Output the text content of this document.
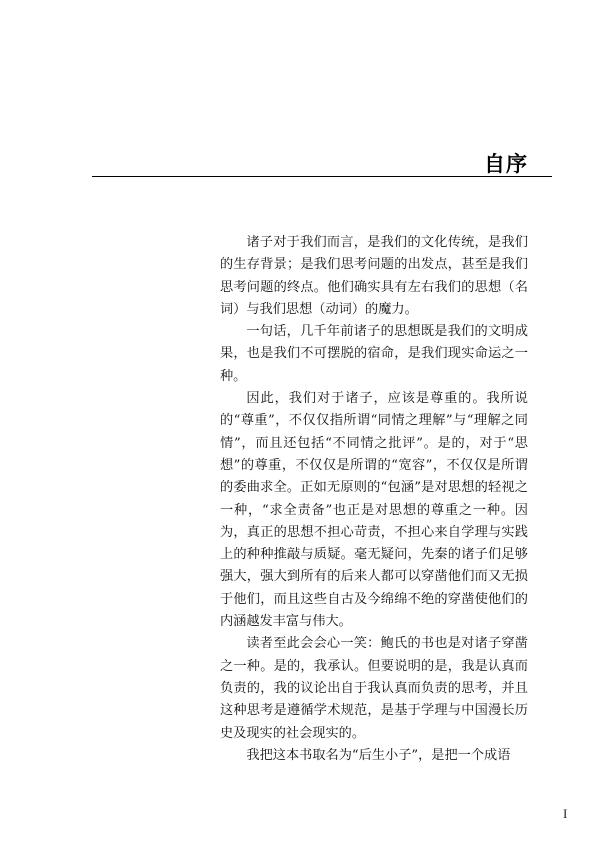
自序

诸子对于我们而言，是我们的文化传统，是我们的生存背景；是我们思考问题的出发点，甚至是我们思考问题的终点。他们确实具有左右我们的思想（名词）与我们思想（动词）的魔力。

一句话，几千年前诸子的思想既是我们的文明成果，也是我们不可摆脱的宿命，是我们现实命运之一种。

因此，我们对于诸子，应该是尊重的。我所说的“尊重”，不仅仅指所谓“同情之理解”与“理解之同情”，而且还包括“不同情之批评”。是的，对于“思想”的尊重，不仅仅是所谓的“宽容”，不仅仅是所谓的委曲求全。正如无原则的“包涵”是对思想的轻视之一种，“求全责备”也正是对思想的尊重之一种。因为，真正的思想不担心苛责，不担心来自学理与实践上的种种推敲与质疑。毫无疑问，先秦的诸子们足够强大，强大到所有的后来人都可以穿凿他们而又无损于他们，而且这些自古及今绵绵不绝的穿凿使他们的内涵越发丰富与伟大。

读者至此会会心一笑：鲍氏的书也是对诸子穿凿之一种。是的，我承认。但要说明的是，我是认真而负责的，我的议论出自于我认真而负责的思考，并且这种思考是遵循学术规范，是基于学理与中国漫长历史及现实的社会现实的。

我把这本书取名为“后生小子”，是把一个成语

I
